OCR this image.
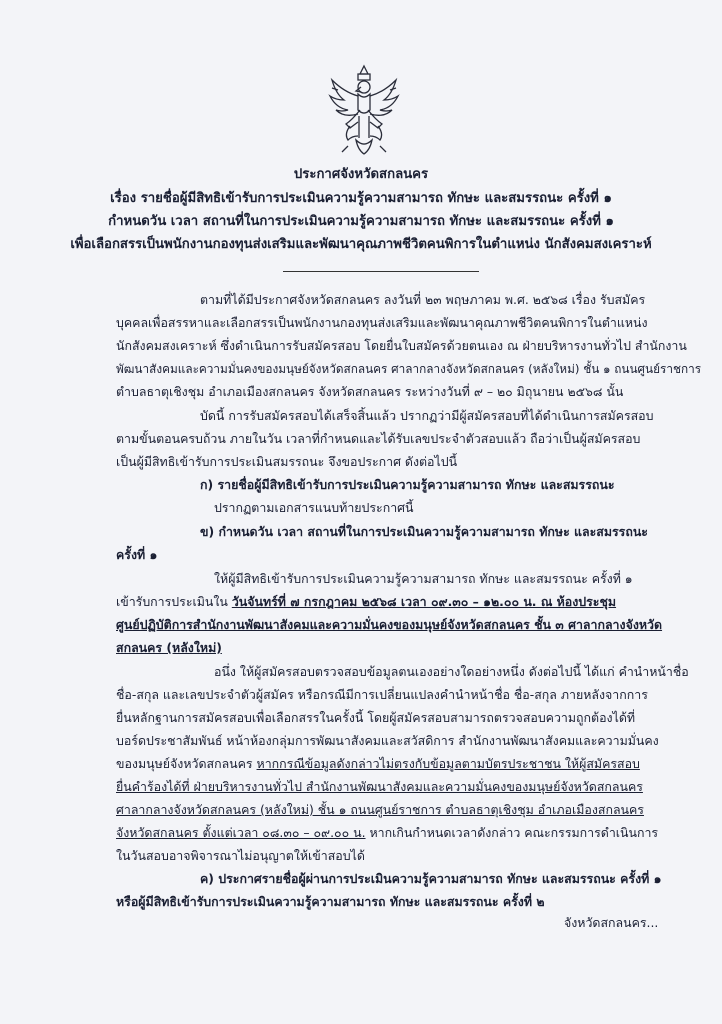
ประกาศจังหวัดสกลนคร
เรื่อง รายชื่อผู้มีสิทธิเข้ารับการประเมินความรู้ความสามารถ ทักษะ และสมรรถนะ ครั้งที่ ๑
กำหนดวัน เวลา สถานที่ในการประเมินความรู้ความสามารถ ทักษะ และสมรรถนะ ครั้งที่ ๑
เพื่อเลือกสรรเป็นพนักงานกองทุนส่งเสริมและพัฒนาคุณภาพชีวิตคนพิการในตำแหน่ง นักสังคมสงเคราะห์
ตามที่ได้มีประกาศจังหวัดสกลนคร ลงวันที่ ๒๓ พฤษภาคม พ.ศ. ๒๕๖๘ เรื่อง รับสมัคร
บุคคลเพื่อสรรหาและเลือกสรรเป็นพนักงานกองทุนส่งเสริมและพัฒนาคุณภาพชีวิตคนพิการในตำแหน่ง
นักสังคมสงเคราะห์ ซึ่งดำเนินการรับสมัครสอบ โดยยื่นใบสมัครด้วยตนเอง ณ ฝ่ายบริหารงานทั่วไป สำนักงาน
พัฒนาสังคมและความมั่นคงของมนุษย์จังหวัดสกลนคร ศาลากลางจังหวัดสกลนคร (หลังใหม่) ชั้น ๑ ถนนศูนย์ราชการ
ตำบลธาตุเชิงชุม อำเภอเมืองสกลนคร จังหวัดสกลนคร ระหว่างวันที่ ๙ – ๒๐ มิถุนายน ๒๕๖๘ นั้น
บัดนี้ การรับสมัครสอบได้เสร็จสิ้นแล้ว ปรากฏว่ามีผู้สมัครสอบที่ได้ดำเนินการสมัครสอบ
ตามขั้นตอนครบถ้วน ภายในวัน เวลาที่กำหนดและได้รับเลขประจำตัวสอบแล้ว ถือว่าเป็นผู้สมัครสอบ
เป็นผู้มีสิทธิเข้ารับการประเมินสมรรถนะ จึงขอประกาศ ดังต่อไปนี้
ก) รายชื่อผู้มีสิทธิเข้ารับการประเมินความรู้ความสามารถ ทักษะ และสมรรถนะ
ปรากฏตามเอกสารแนบท้ายประกาศนี้
ข) กำหนดวัน เวลา สถานที่ในการประเมินความรู้ความสามารถ ทักษะ และสมรรถนะ
ครั้งที่ ๑
ให้ผู้มีสิทธิเข้ารับการประเมินความรู้ความสามารถ ทักษะ และสมรรถนะ ครั้งที่ ๑
เข้ารับการประเมินใน วันจันทร์ที่ ๗ กรกฎาคม ๒๕๖๘ เวลา ๐๙.๓๐ – ๑๒.๐๐ น. ณ ห้องประชุม
ศูนย์ปฏิบัติการสำนักงานพัฒนาสังคมและความมั่นคงของมนุษย์จังหวัดสกลนคร ชั้น ๓ ศาลากลางจังหวัด
สกลนคร (หลังใหม่)
อนึ่ง ให้ผู้สมัครสอบตรวจสอบข้อมูลตนเองอย่างใดอย่างหนึ่ง ดังต่อไปนี้ ได้แก่ คำนำหน้าชื่อ
ชื่อ-สกุล และเลขประจำตัวผู้สมัคร หรือกรณีมีการเปลี่ยนแปลงคำนำหน้าชื่อ ชื่อ-สกุล ภายหลังจากการ
ยื่นหลักฐานการสมัครสอบเพื่อเลือกสรรในครั้งนี้ โดยผู้สมัครสอบสามารถตรวจสอบความถูกต้องได้ที่
บอร์ดประชาสัมพันธ์ หน้าห้องกลุ่มการพัฒนาสังคมและสวัสดิการ สำนักงานพัฒนาสังคมและความมั่นคง
ของมนุษย์จังหวัดสกลนคร หากกรณีข้อมูลดังกล่าวไม่ตรงกับข้อมูลตามบัตรประชาชน ให้ผู้สมัครสอบ
ยื่นคำร้องได้ที่ ฝ่ายบริหารงานทั่วไป สำนักงานพัฒนาสังคมและความมั่นคงของมนุษย์จังหวัดสกลนคร
ศาลากลางจังหวัดสกลนคร (หลังใหม่) ชั้น ๑ ถนนศูนย์ราชการ ตำบลธาตุเชิงชุม อำเภอเมืองสกลนคร
จังหวัดสกลนคร ตั้งแต่เวลา ๐๘.๓๐ – ๐๙.๐๐ น. หากเกินกำหนดเวลาดังกล่าว คณะกรรมการดำเนินการ
ในวันสอบอาจพิจารณาไม่อนุญาตให้เข้าสอบได้
ค) ประกาศรายชื่อผู้ผ่านการประเมินความรู้ความสามารถ ทักษะ และสมรรถนะ ครั้งที่ ๑
หรือผู้มีสิทธิเข้ารับการประเมินความรู้ความสามารถ ทักษะ และสมรรถนะ ครั้งที่ ๒
จังหวัดสกลนคร...
